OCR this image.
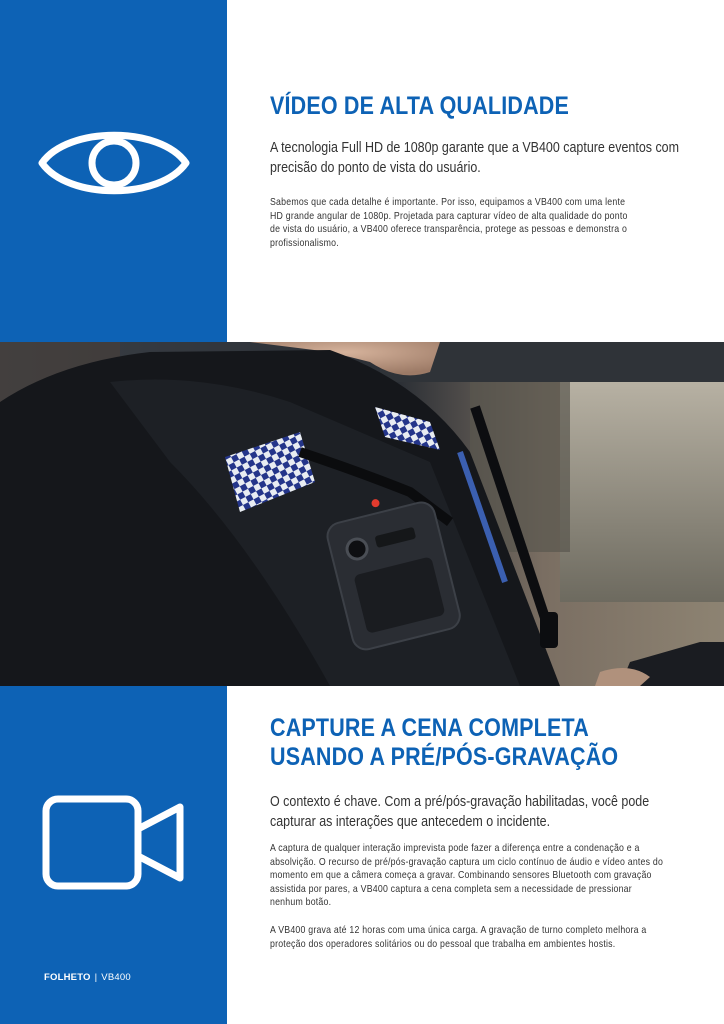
VÍDEO DE ALTA QUALIDADE
A tecnologia Full HD de 1080p garante que a VB400 capture eventos com
precisão do ponto de vista do usuário.
Sabemos que cada detalhe é importante. Por isso, equipamos a VB400 com uma lente
HD grande angular de 1080p. Projetada para capturar vídeo de alta qualidade do ponto
de vista do usuário, a VB400 oferece transparência, protege as pessoas e demonstra o
profissionalismo.
CAPTURE A CENA COMPLETA
USANDO A PRÉ/PÓS-GRAVAÇÃO
O contexto é chave. Com a pré/pós-gravação habilitadas, você pode
capturar as interações que antecedem o incidente.
A captura de qualquer interação imprevista pode fazer a diferença entre a condenação e a
absolvição. O recurso de pré/pós-gravação captura um ciclo contínuo de áudio e vídeo antes do
momento em que a câmera começa a gravar. Combinando sensores Bluetooth com gravação
assistida por pares, a VB400 captura a cena completa sem a necessidade de pressionar
nenhum botão.
A VB400 grava até 12 horas com uma única carga. A gravação de turno completo melhora a
proteção dos operadores solitários ou do pessoal que trabalha em ambientes hostis.
FOLHETO | VB400
